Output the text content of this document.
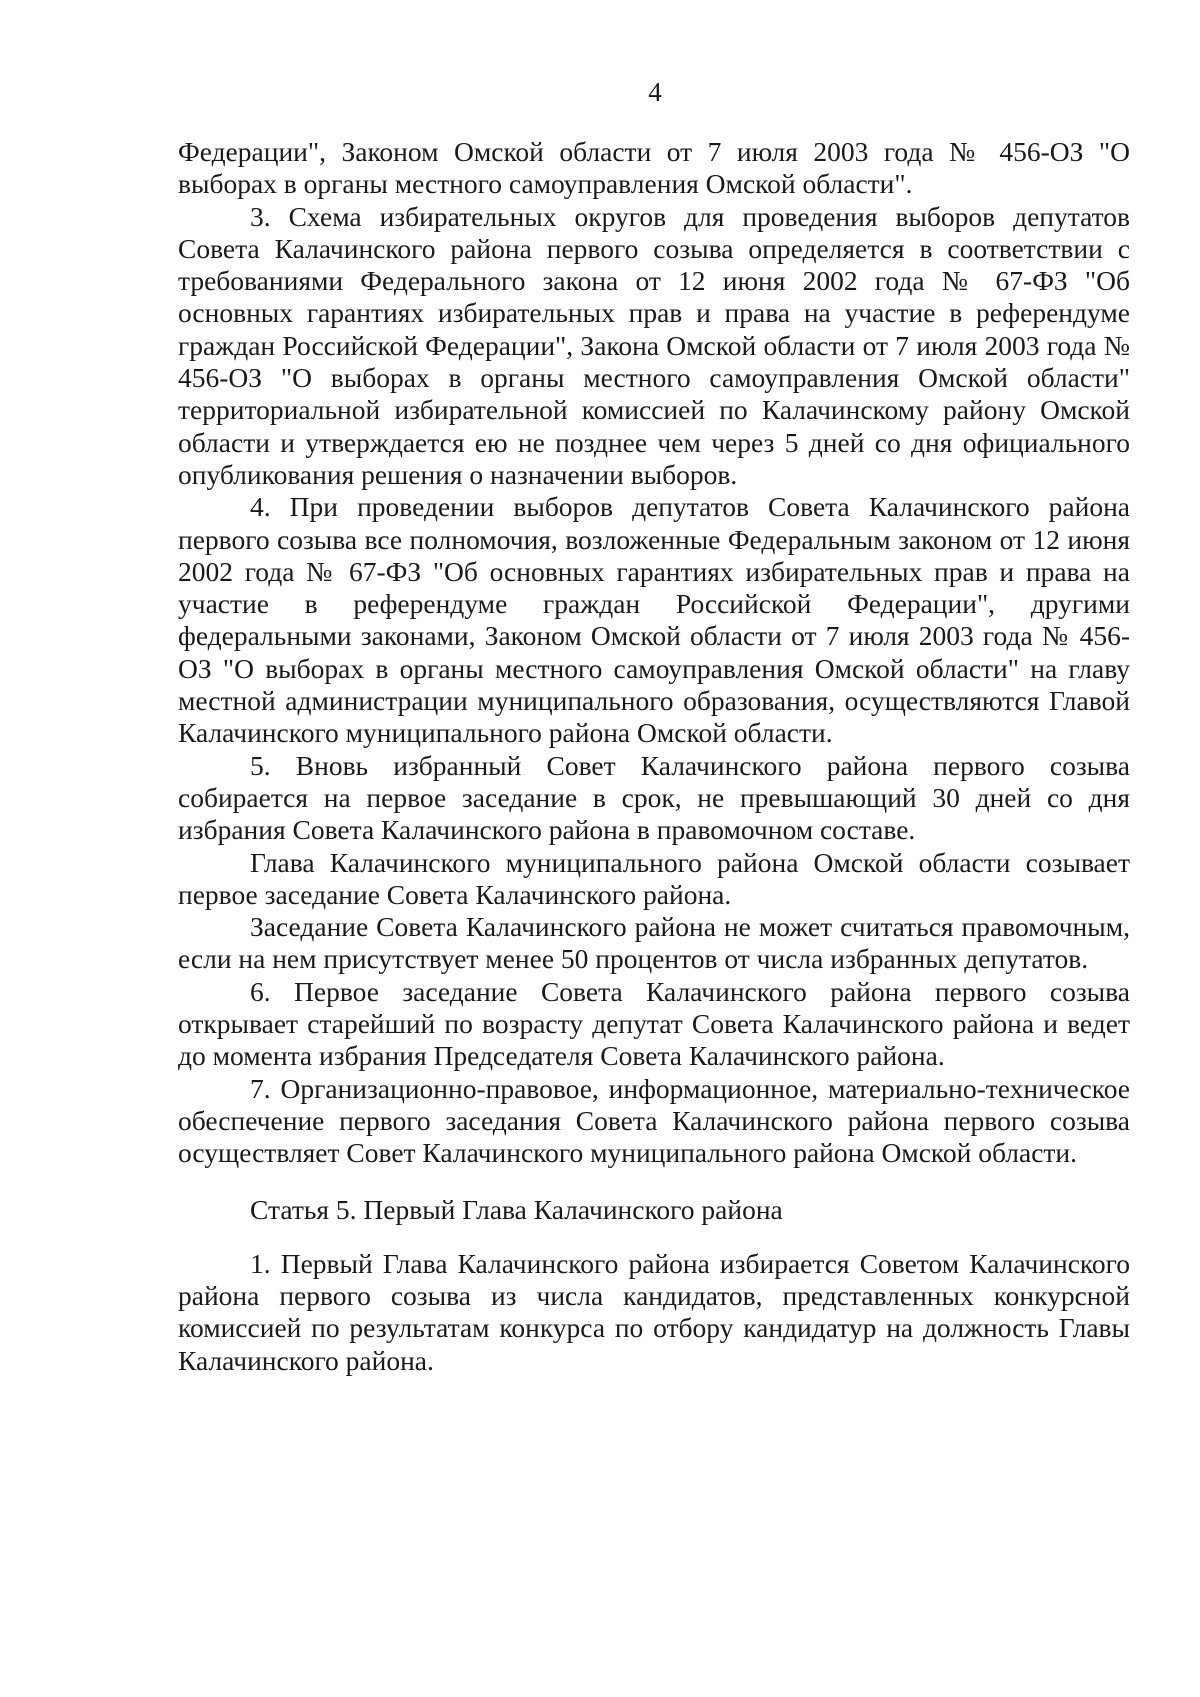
4

Федерации", Законом Омской области от 7 июля 2003 года № 456-ОЗ "О выборах в органы местного самоуправления Омской области".

3. Схема избирательных округов для проведения выборов депутатов Совета Калачинского района первого созыва определяется в соответствии с требованиями Федерального закона от 12 июня 2002 года № 67-ФЗ "Об основных гарантиях избирательных прав и права на участие в референдуме граждан Российской Федерации", Закона Омской области от 7 июля 2003 года № 456-ОЗ "О выборах в органы местного самоуправления Омской области" территориальной избирательной комиссией по Калачинскому району Омской области и утверждается ею не позднее чем через 5 дней со дня официального опубликования решения о назначении выборов.

4. При проведении выборов депутатов Совета Калачинского района первого созыва все полномочия, возложенные Федеральным законом от 12 июня 2002 года № 67-ФЗ "Об основных гарантиях избирательных прав и права на участие в референдуме граждан Российской Федерации", другими федеральными законами, Законом Омской области от 7 июля 2003 года № 456-ОЗ "О выборах в органы местного самоуправления Омской области" на главу местной администрации муниципального образования, осуществляются Главой Калачинского муниципального района Омской области.

5. Вновь избранный Совет Калачинского района первого созыва собирается на первое заседание в срок, не превышающий 30 дней со дня избрания Совета Калачинского района в правомочном составе.

Глава Калачинского муниципального района Омской области созывает первое заседание Совета Калачинского района.

Заседание Совета Калачинского района не может считаться правомочным, если на нем присутствует менее 50 процентов от числа избранных депутатов.

6. Первое заседание Совета Калачинского района первого созыва открывает старейший по возрасту депутат Совета Калачинского района и ведет до момента избрания Председателя Совета Калачинского района.

7. Организационно-правовое, информационное, материально-техническое обеспечение первого заседания Совета Калачинского района первого созыва осуществляет Совет Калачинского муниципального района Омской области.

Статья 5. Первый Глава Калачинского района

1. Первый Глава Калачинского района избирается Советом Калачинского района первого созыва из числа кандидатов, представленных конкурсной комиссией по результатам конкурса по отбору кандидатур на должность Главы Калачинского района.
